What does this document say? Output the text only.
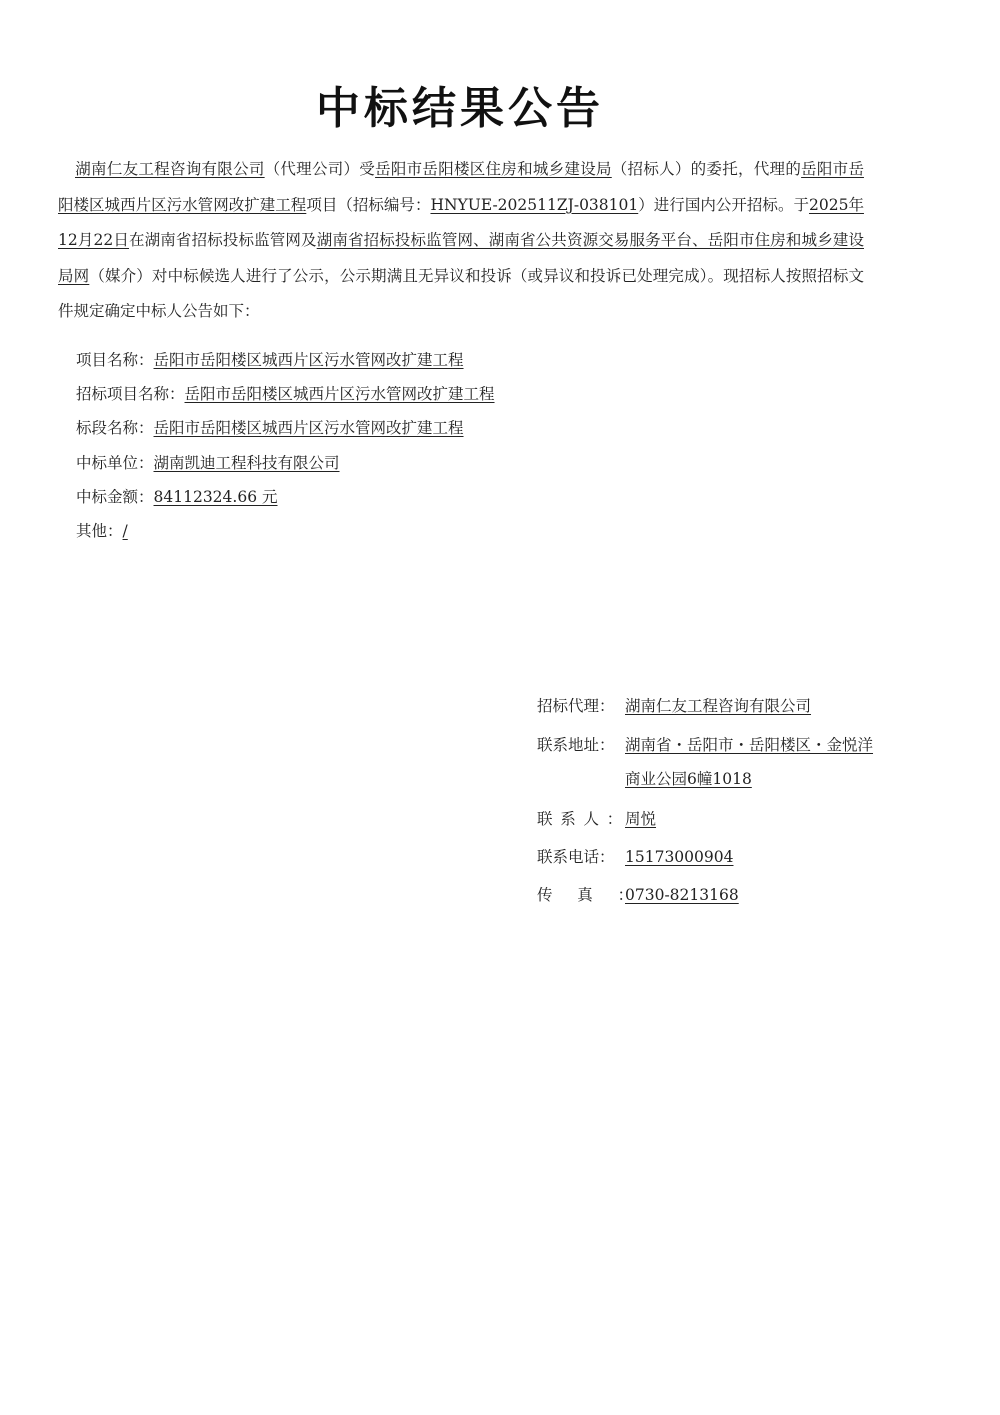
中标结果公告

湖南仁友工程咨询有限公司（代理公司）受岳阳市岳阳楼区住房和城乡建设局（招标人）的委托，代理的岳阳市岳阳楼区城西片区污水管网改扩建工程项目（招标编号：HNYUE-202511ZJ-038101）进行国内公开招标。于2025年12月22日在湖南省招标投标监管网及湖南省招标投标监管网、湖南省公共资源交易服务平台、岳阳市住房和城乡建设局网（媒介）对中标候选人进行了公示，公示期满且无异议和投诉（或异议和投诉已处理完成）。现招标人按照招标文件规定确定中标人公告如下：

项目名称：岳阳市岳阳楼区城西片区污水管网改扩建工程
招标项目名称：岳阳市岳阳楼区城西片区污水管网改扩建工程
标段名称：岳阳市岳阳楼区城西片区污水管网改扩建工程
中标单位：湖南凯迪工程科技有限公司
中标金额：84112324.66 元
其他：/
招标代理： 湖南仁友工程咨询有限公司
联系地址： 湖南省・岳阳市・岳阳楼区・金悦洋商业公园6幢1018
联系人：
周悦
联系电话： 15173000904
传真：
0730-8213168
